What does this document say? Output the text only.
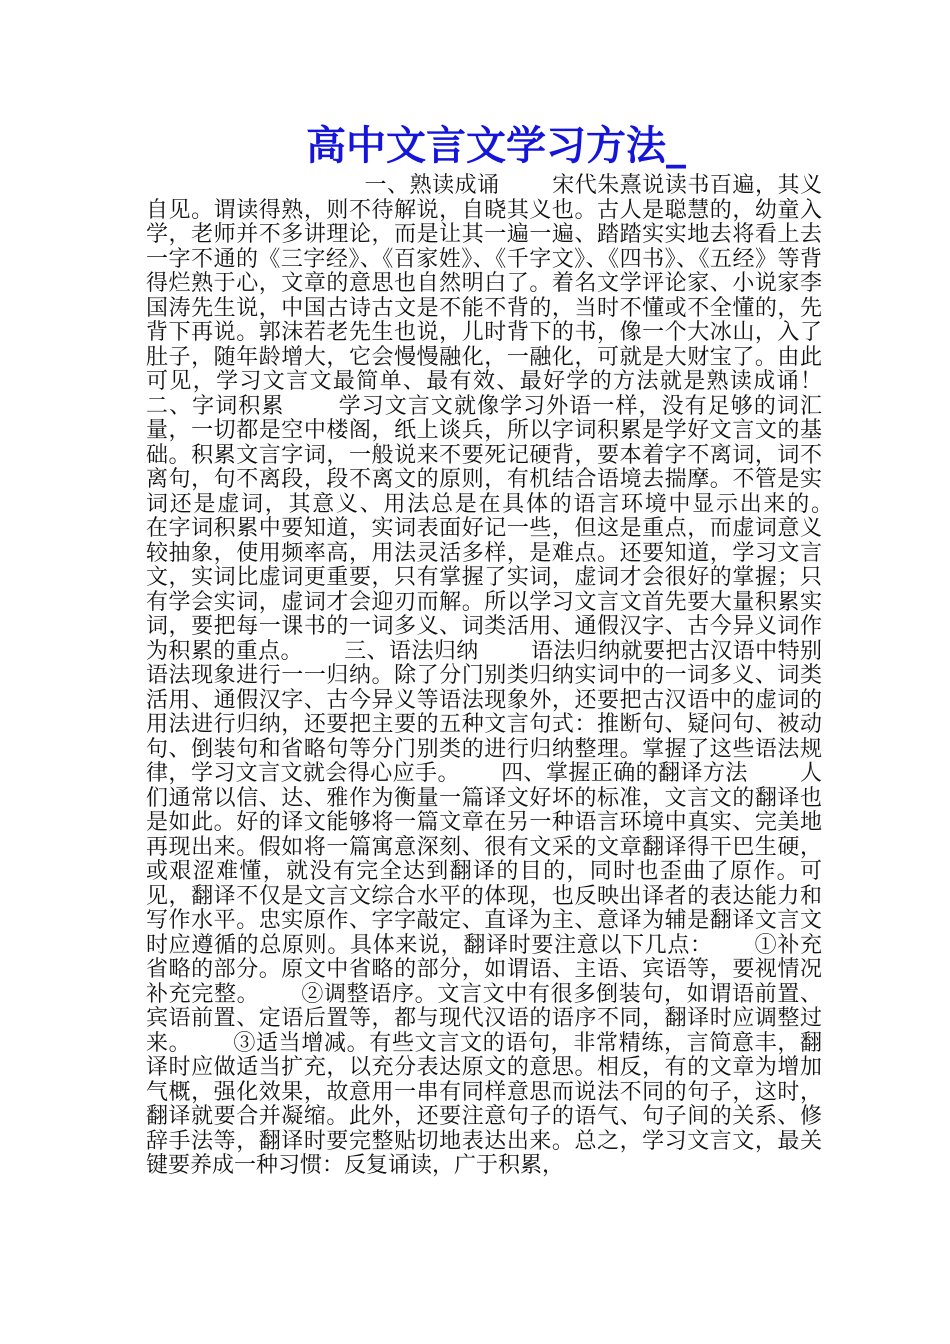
高中文言文学习方法_

一、熟读成诵　　 宋代朱熹说读书百遍，其义自见。谓读得熟，则不待解说，自晓其义也。古人是聪慧的，幼童入学，老师并不多讲理论，而是让其一遍一遍、踏踏实实地去将看上去一字不通的《三字经》、《百家姓》、《千字文》、《四书》、《五经》等背得烂熟于心，文章的意思也自然明白了。着名文学评论家、小说家李国涛先生说，中国古诗古文是不能不背的，当时不懂或不全懂的，先背下再说。郭沫若老先生也说，儿时背下的书，像一个大冰山，入了肚子，随年龄增大，它会慢慢融化，一融化，可就是大财宝了。由此可见，学习文言文最简单、最有效、最好学的方法就是熟读成诵！　　 二、字词积累　　 学习文言文就像学习外语一样，没有足够的词汇量，一切都是空中楼阁，纸上谈兵，所以字词积累是学好文言文的基础。积累文言字词，一般说来不要死记硬背，要本着字不离词，词不离句，句不离段，段不离文的原则，有机结合语境去揣摩。不管是实词还是虚词，其意义、用法总是在具体的语言环境中显示出来的。　　 在字词积累中要知道，实词表面好记一些，但这是重点，而虚词意义较抽象，使用频率高，用法灵活多样，是难点。还要知道，学习文言文，实词比虚词更重要，只有掌握了实词，虚词才会很好的掌握；只有学会实词，虚词才会迎刃而解。所以学习文言文首先要大量积累实词，要把每一课书的一词多义、词类活用、通假汉字、古今异义词作为积累的重点。　　 三、语法归纳　　 语法归纳就要把古汉语中特别语法现象进行一一归纳。除了分门别类归纳实词中的一词多义、词类活用、通假汉字、古今异义等语法现象外，还要把古汉语中的虚词的用法进行归纳，还要把主要的五种文言句式：推断句、疑问句、被动句、倒装句和省略句等分门别类的进行归纳整理。掌握了这些语法规律，学习文言文就会得心应手。　　 四、掌握正确的翻译方法　　 人们通常以信、达、雅作为衡量一篇译文好坏的标准，文言文的翻译也是如此。好的译文能够将一篇文章在另一种语言环境中真实、完美地再现出来。假如将一篇寓意深刻、很有文采的文章翻译得干巴生硬，或艰涩难懂，就没有完全达到翻译的目的，同时也歪曲了原作。可见，翻译不仅是文言文综合水平的体现，也反映出译者的表达能力和写作水平。忠实原作、字字敲定、直译为主、意译为辅是翻译文言文时应遵循的总原则。具体来说，翻译时要注意以下几点：　　 ①补充省略的部分。原文中省略的部分，如谓语、主语、宾语等，要视情况补充完整。　　 ②调整语序。文言文中有很多倒装句，如谓语前置、宾语前置、定语后置等，都与现代汉语的语序不同，翻译时应调整过来。　　 ③适当增减。有些文言文的语句，非常精练，言简意丰，翻译时应做适当扩充，以充分表达原文的意思。相反，有的文章为增加气概，强化效果，故意用一串有同样意思而说法不同的句子，这时，翻译就要合并凝缩。此外，还要注意句子的语气、句子间的关系、修辞手法等，翻译时要完整贴切地表达出来。总之，学习文言文，最关键要养成一种习惯：反复诵读，广于积累，
